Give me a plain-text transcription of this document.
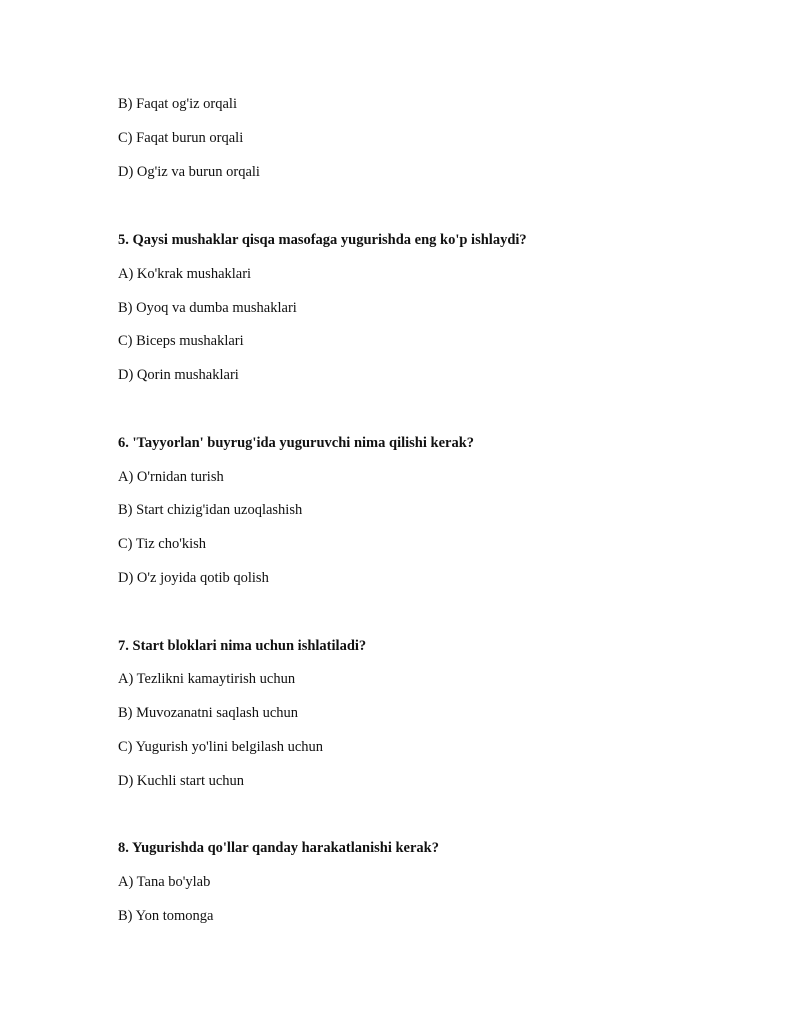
B) Faqat og'iz orqali
C) Faqat burun orqali
D) Og'iz va burun orqali
5. Qaysi mushaklar qisqa masofaga yugurishda eng ko'p ishlaydi?
A) Ko'krak mushaklari
B) Oyoq va dumba mushaklari
C) Biceps mushaklari
D) Qorin mushaklari
6. 'Tayyorlan' buyrug'ida yuguruvchi nima qilishi kerak?
A) O'rnidan turish
B) Start chizig'idan uzoqlashish
C) Tiz cho'kish
D) O'z joyida qotib qolish
7. Start bloklari nima uchun ishlatiladi?
A) Tezlikni kamaytirish uchun
B) Muvozanatni saqlash uchun
C) Yugurish yo'lini belgilash uchun
D) Kuchli start uchun
8. Yugurishda qo'llar qanday harakatlanishi kerak?
A) Tana bo'ylab
B) Yon tomonga
